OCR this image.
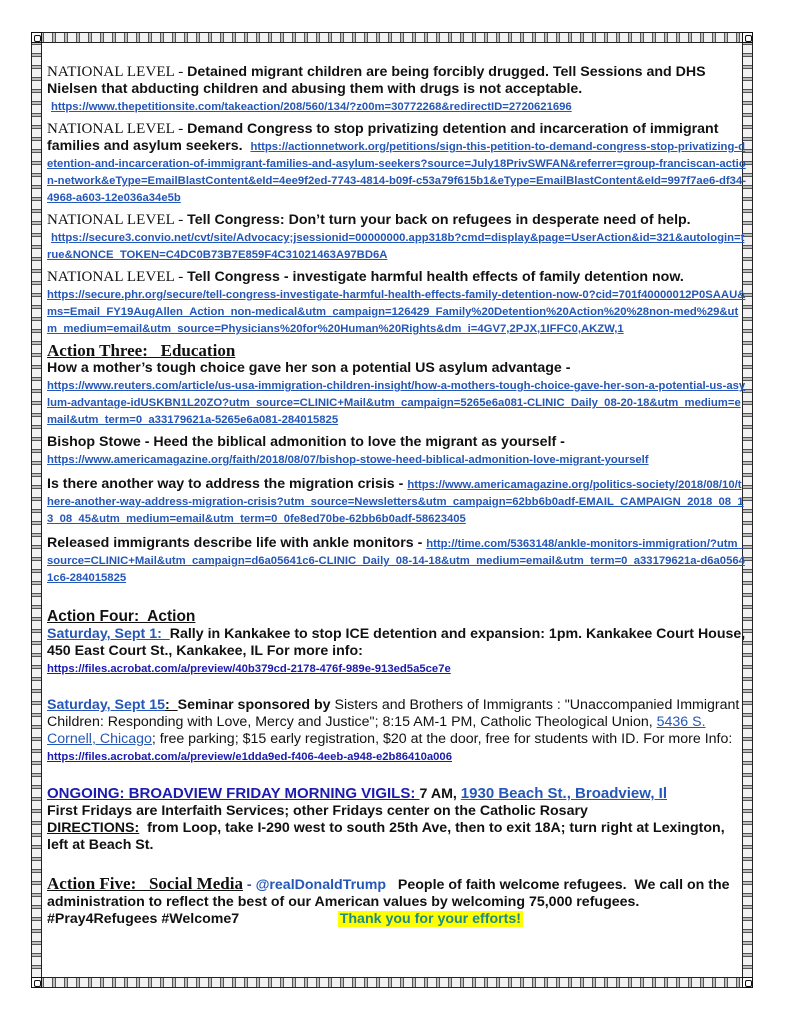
NATIONAL LEVEL - Detained migrant children are being forcibly drugged. Tell Sessions and DHS Nielsen that abducting children and abusing them with drugs is not acceptable.
https://www.thepetitionsite.com/takeaction/208/560/134/?z00m=30772268&redirectID=2720621696

NATIONAL LEVEL - Demand Congress to stop privatizing detention and incarceration of immigrant families and asylum seekers. https://actionnetwork.org/petitions/sign-this-petition-to-demand-congress-stop-privatizing-detention-and-incarceration-of-immigrant-families-and-asylum-seekers?source=July18PrivSWFAN&referrer=group-franciscan-action-network&eType=EmailBlastContent&eId=4ee9f2ed-7743-4814-b09f-c53a79f615b1&eType=EmailBlastContent&eId=997f7ae6-df34-4968-a603-12e036a34e5b

NATIONAL LEVEL - Tell Congress: Don’t turn your back on refugees in desperate need of help.
https://secure3.convio.net/cvt/site/Advocacy;jsessionid=00000000.app318b?cmd=display&page=UserAction&id=321&autologin=true&NONCE_TOKEN=C4DC0B73B7E859F4C31021463A97BD6A

NATIONAL LEVEL - Tell Congress - investigate harmful health effects of family detention now.
https://secure.phr.org/secure/tell-congress-investigate-harmful-health-effects-family-detention-now-0?cid=701f40000012P0SAAU&ms=Email_FY19AugAllen_Action_non-medical&utm_campaign=126429_Family%20Detention%20Action%20%28non-med%29&utm_medium=email&utm_source=Physicians%20for%20Human%20Rights&dm_i=4GV7,2PJX,1IFFC0,AKZW,1

Action Three:   Education

How a mother’s tough choice gave her son a potential US asylum advantage -
https://www.reuters.com/article/us-usa-immigration-children-insight/how-a-mothers-tough-choice-gave-her-son-a-potential-us-asylum-advantage-idUSKBN1L20ZO?utm_source=CLINIC+Mail&utm_campaign=5265e6a081-CLINIC_Daily_08-20-18&utm_medium=email&utm_term=0_a33179621a-5265e6a081-284015825

Bishop Stowe - Heed the biblical admonition to love the migrant as yourself -
https://www.americamagazine.org/faith/2018/08/07/bishop-stowe-heed-biblical-admonition-love-migrant-yourself

Is there another way to address the migration crisis - https://www.americamagazine.org/politics-society/2018/08/10/there-another-way-address-migration-crisis?utm_source=Newsletters&utm_campaign=62bb6b0adf-EMAIL_CAMPAIGN_2018_08_13_08_45&utm_medium=email&utm_term=0_0fe8ed70be-62bb6b0adf-58623405

Released immigrants describe life with ankle monitors - http://time.com/5363148/ankle-monitors-immigration/?utm_source=CLINIC+Mail&utm_campaign=d6a05641c6-CLINIC_Daily_08-14-18&utm_medium=email&utm_term=0_a33179621a-d6a05641c6-284015825

Action Four:  Action

Saturday, Sept 1:  Rally in Kankakee to stop ICE detention and expansion: 1pm. Kankakee Court House, 450 East Court St., Kankakee, IL For more info:
https://files.acrobat.com/a/preview/40b379cd-2178-476f-989e-913ed5a5ce7e

Saturday, Sept 15:  Seminar sponsored by Sisters and Brothers of Immigrants : "Unaccompanied Immigrant Children: Responding with Love, Mercy and Justice"; 8:15 AM-1 PM, Catholic Theological Union, 5436 S. Cornell, Chicago; free parking; $15 early registration, $20 at the door, free for students with ID. For more Info: https://files.acrobat.com/a/preview/e1dda9ed-f406-4eeb-a948-e2b86410a006

ONGOING: BROADVIEW FRIDAY MORNING VIGILS: 7 AM, 1930 Beach St., Broadview, Il
First Fridays are Interfaith Services; other Fridays center on the Catholic Rosary
DIRECTIONS:  from Loop, take I-290 west to south 25th Ave, then to exit 18A; turn right at Lexington, left at Beach St.

Action Five:   Social Media - @realDonaldTrump   People of faith welcome refugees.  We call on the administration to reflect the best of our American values by welcoming 75,000 refugees.  #Pray4Refugees #Welcome7	Thank you for your efforts!
